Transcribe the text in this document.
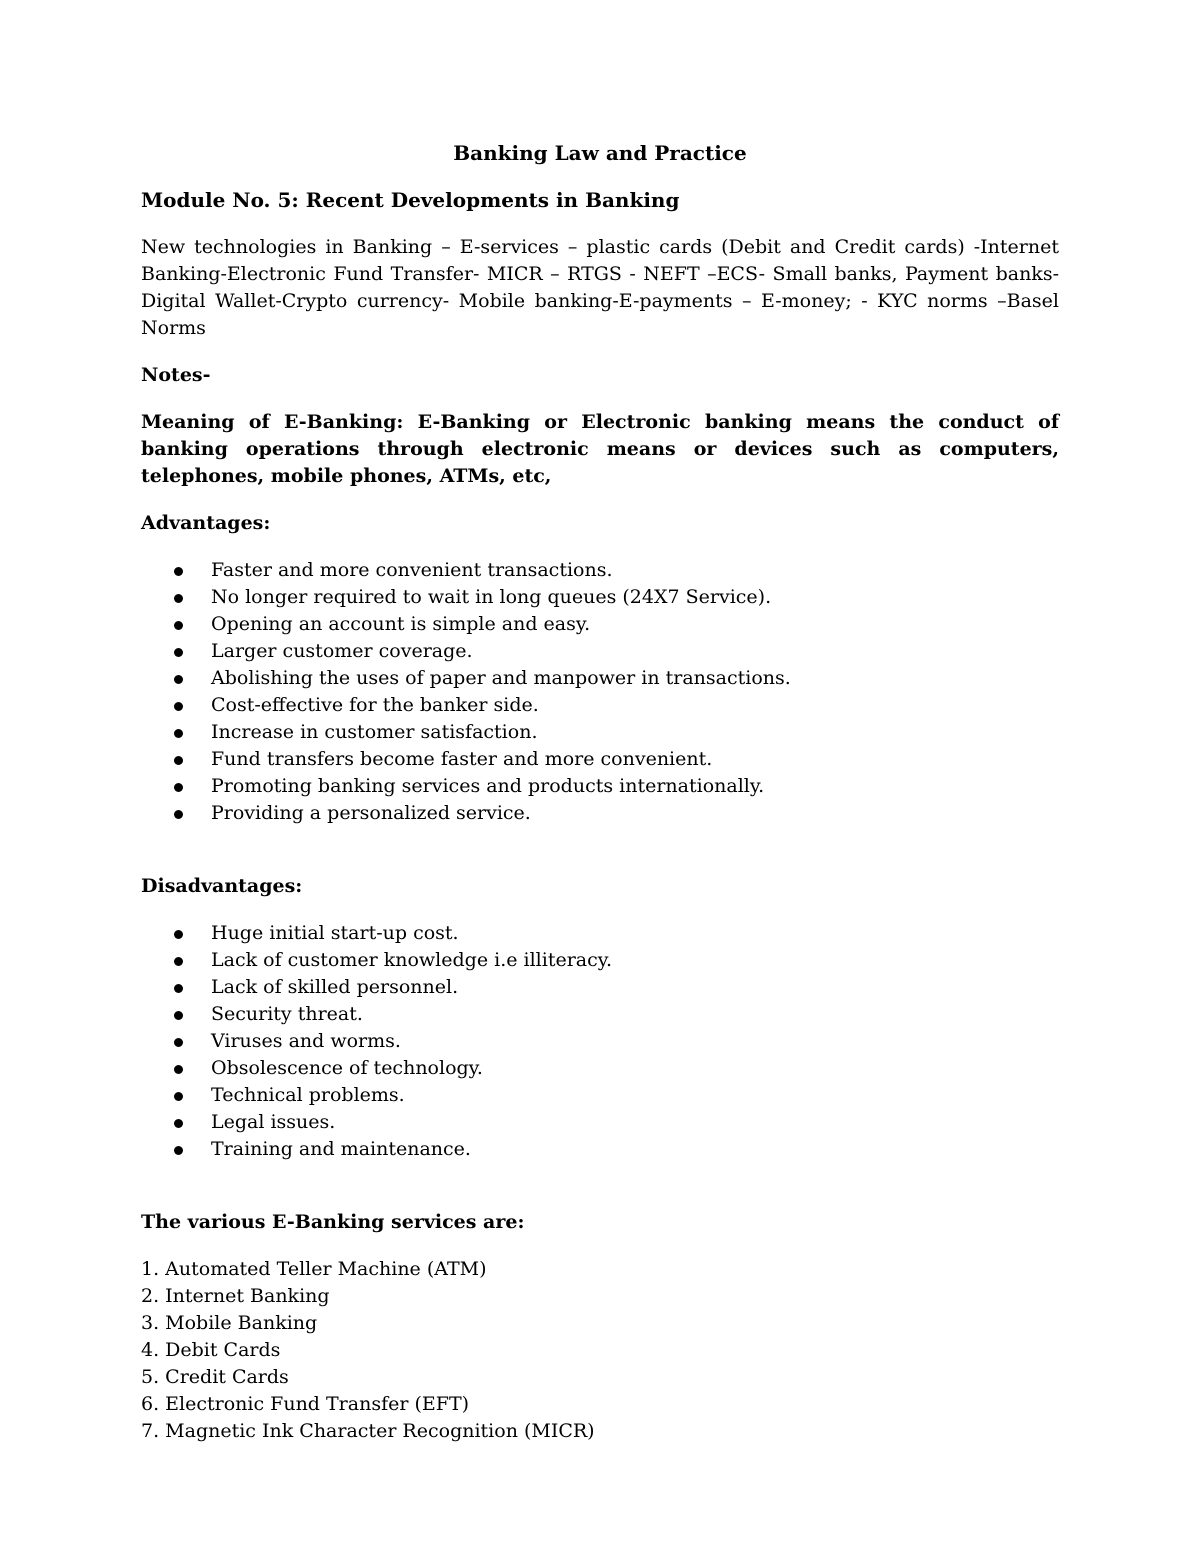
Banking Law and Practice
Module No. 5: Recent Developments in Banking
New technologies in Banking – E-services – plastic cards (Debit and Credit cards) -Internet Banking-Electronic Fund Transfer- MICR – RTGS - NEFT –ECS- Small banks, Payment banks-Digital Wallet-Crypto currency- Mobile banking-E-payments – E-money; - KYC norms –Basel Norms
Notes-
Meaning of E-Banking: E-Banking or Electronic banking means the conduct of banking operations through electronic means or devices such as computers, telephones, mobile phones, ATMs, etc,
Advantages:
Faster and more convenient transactions.
No longer required to wait in long queues (24X7 Service).
Opening an account is simple and easy.
Larger customer coverage.
Abolishing the uses of paper and manpower in transactions.
Cost-effective for the banker side.
Increase in customer satisfaction.
Fund transfers become faster and more convenient.
Promoting banking services and products internationally.
Providing a personalized service.
Disadvantages:
Huge initial start-up cost.
Lack of customer knowledge i.e illiteracy.
Lack of skilled personnel.
Security threat.
Viruses and worms.
Obsolescence of technology.
Technical problems.
Legal issues.
Training and maintenance.
The various E-Banking services are:
1. Automated Teller Machine (ATM)
2. Internet Banking
3. Mobile Banking
4. Debit Cards
5. Credit Cards
6. Electronic Fund Transfer (EFT)
7. Magnetic Ink Character Recognition (MICR)
